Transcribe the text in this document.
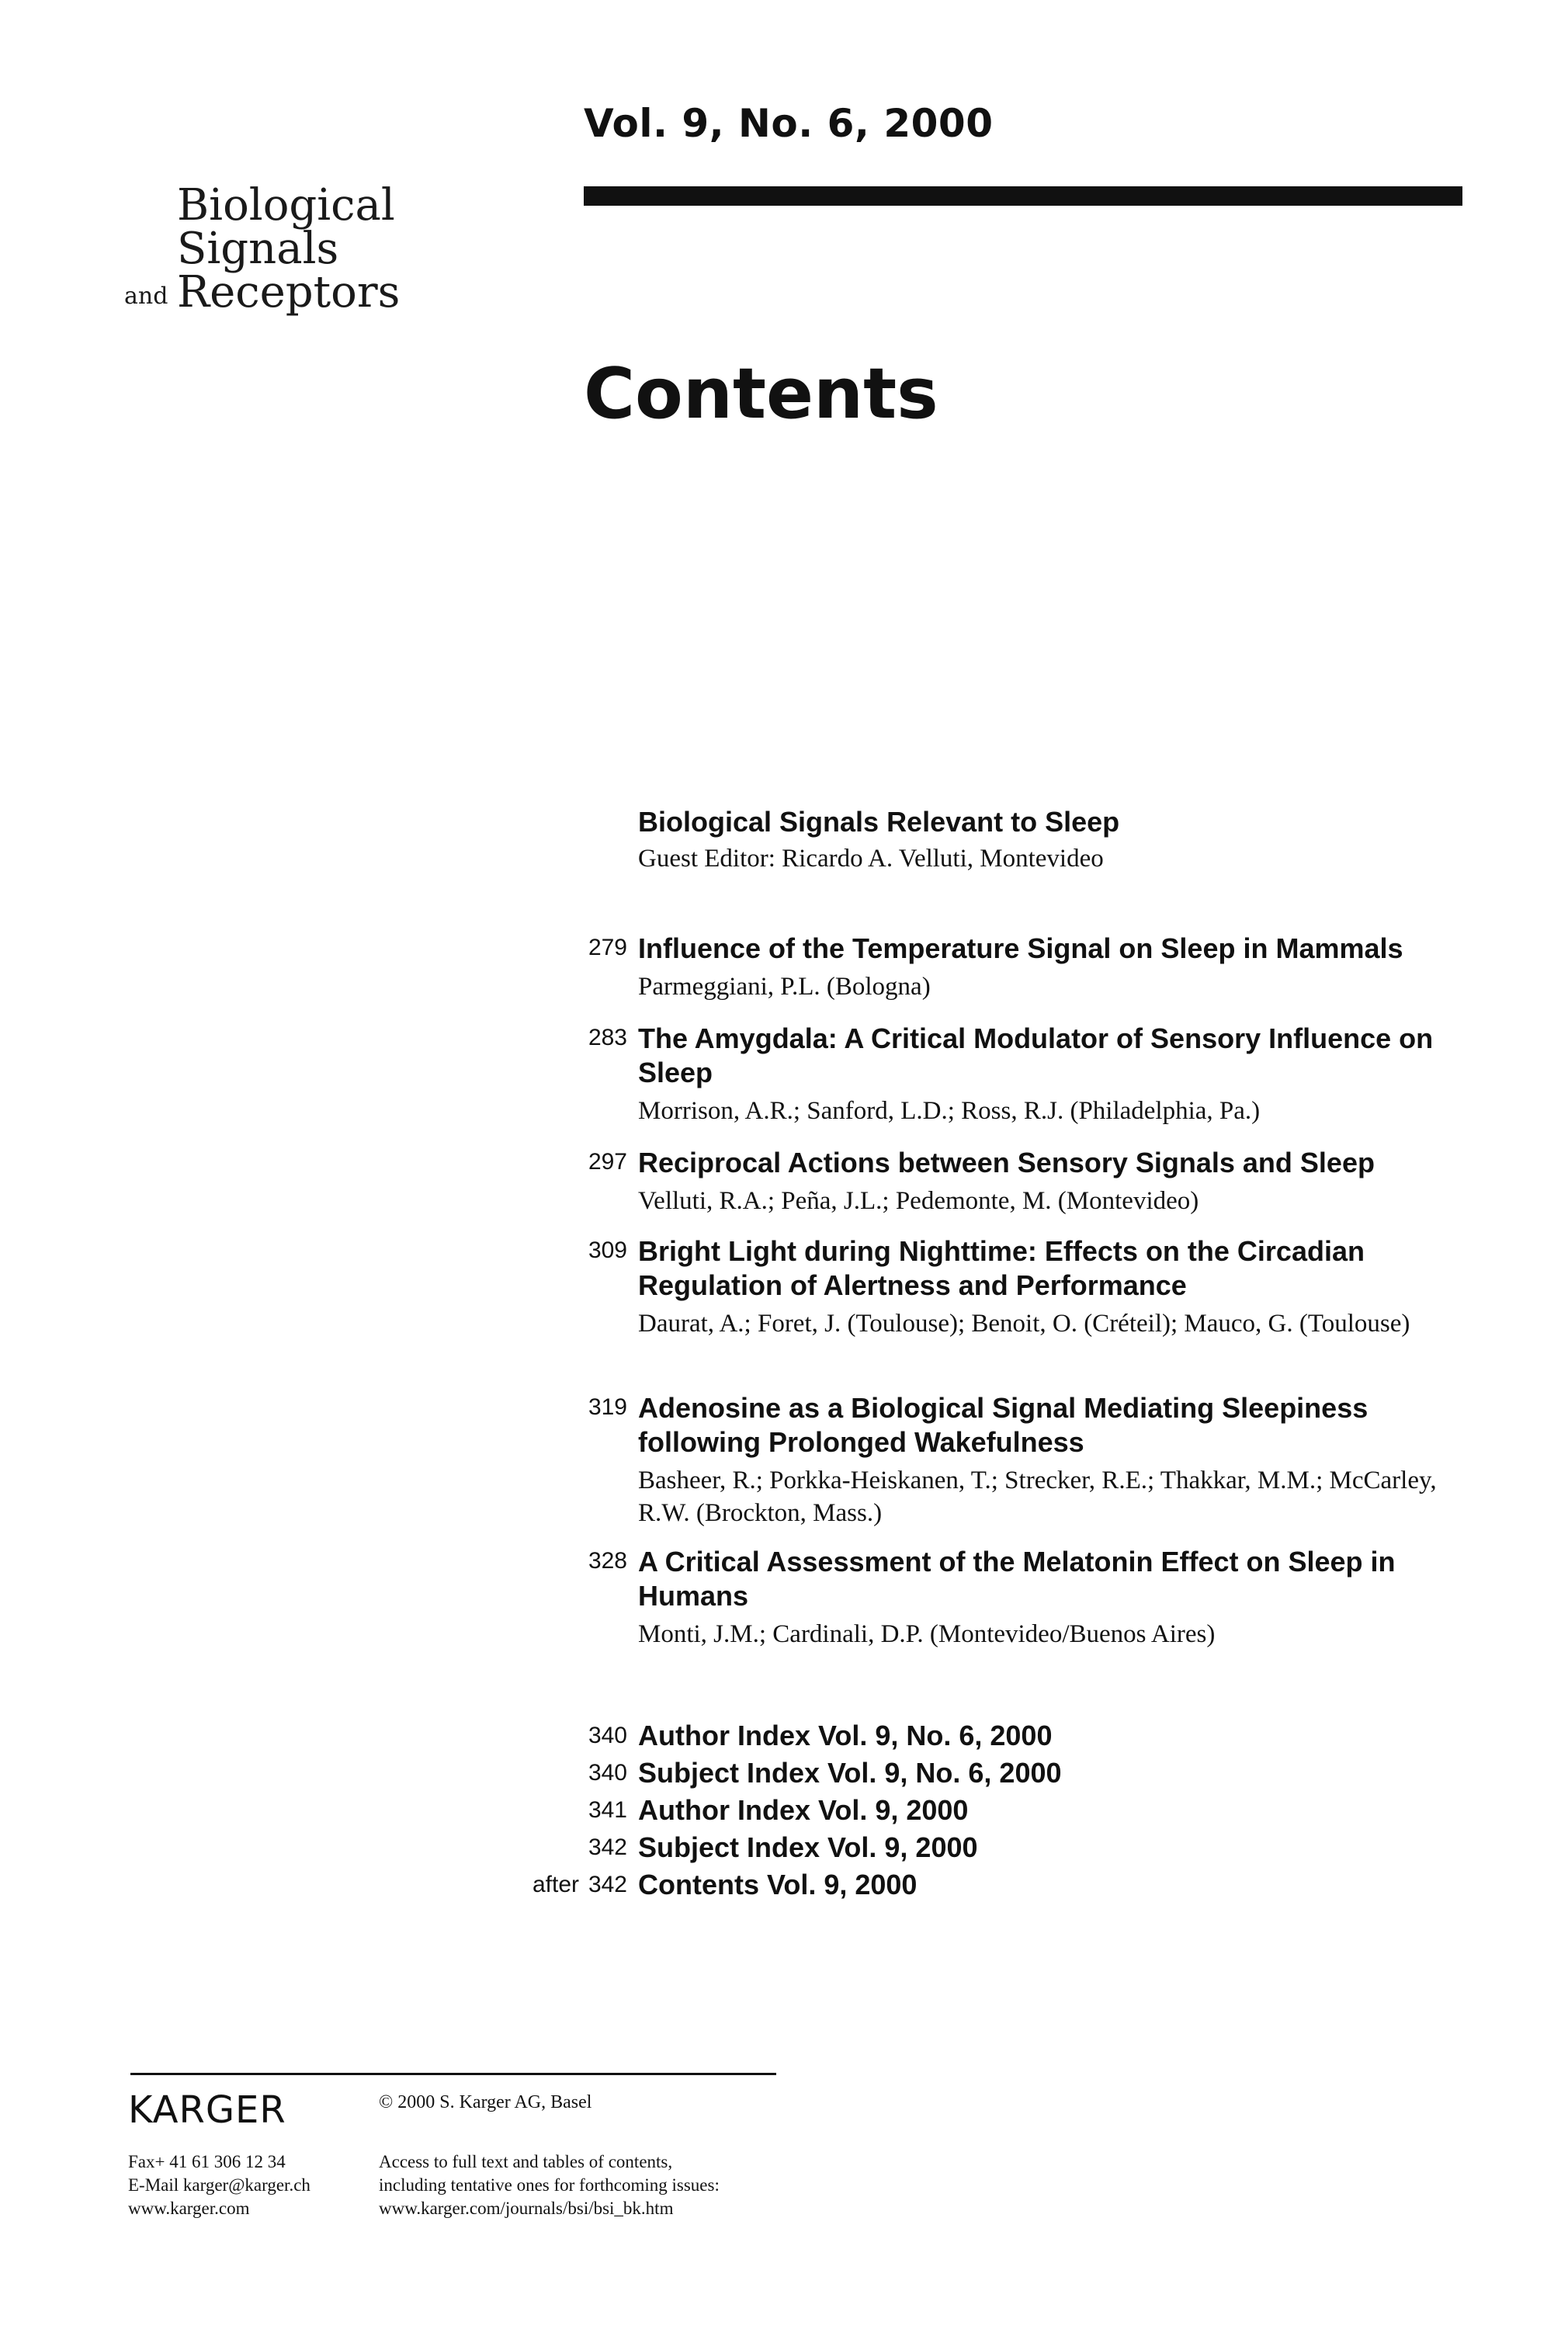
Vol. 9, No. 6, 2000
Biological
Signals
and Receptors
Contents
Biological Signals Relevant to Sleep
Guest Editor: Ricardo A. Velluti, Montevideo
279 Influence of the Temperature Signal on Sleep in Mammals
Parmeggiani, P.L. (Bologna)
283 The Amygdala: A Critical Modulator of Sensory Influence on Sleep
Morrison, A.R.; Sanford, L.D.; Ross, R.J. (Philadelphia, Pa.)
297 Reciprocal Actions between Sensory Signals and Sleep
Velluti, R.A.; Peña, J.L.; Pedemonte, M. (Montevideo)
309 Bright Light during Nighttime: Effects on the Circadian Regulation of Alertness and Performance
Daurat, A.; Foret, J. (Toulouse); Benoit, O. (Créteil); Mauco, G. (Toulouse)
319 Adenosine as a Biological Signal Mediating Sleepiness following Prolonged Wakefulness
Basheer, R.; Porkka-Heiskanen, T.; Strecker, R.E.; Thakkar, M.M.; McCarley, R.W. (Brockton, Mass.)
328 A Critical Assessment of the Melatonin Effect on Sleep in Humans
Monti, J.M.; Cardinali, D.P. (Montevideo/Buenos Aires)
340 Author Index Vol. 9, No. 6, 2000
340 Subject Index Vol. 9, No. 6, 2000
341 Author Index Vol. 9, 2000
342 Subject Index Vol. 9, 2000
after 342 Contents Vol. 9, 2000
KARGER	© 2000 S. Karger AG, Basel
Fax+ 41 61 306 12 34
E-Mail karger@karger.ch
www.karger.com
Access to full text and tables of contents,
including tentative ones for forthcoming issues:
www.karger.com/journals/bsi/bsi_bk.htm
